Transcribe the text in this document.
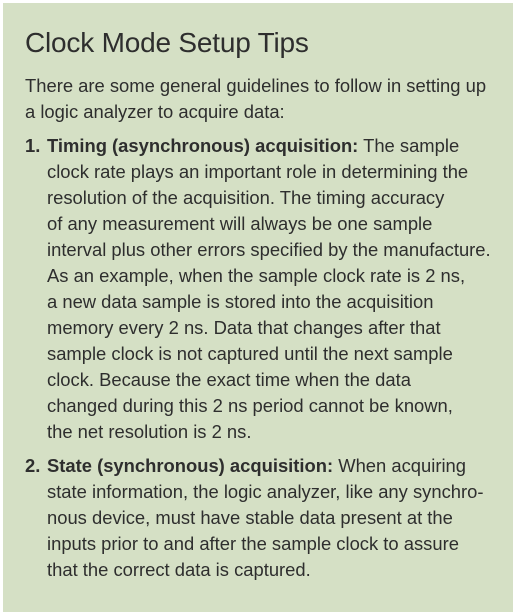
Clock Mode Setup Tips
There are some general guidelines to follow in setting up
a logic analyzer to acquire data:
1. Timing (asynchronous) acquisition: The sample
clock rate plays an important role in determining the
resolution of the acquisition. The timing accuracy
of any measurement will always be one sample
interval plus other errors specified by the manufacture.
As an example, when the sample clock rate is 2 ns,
a new data sample is stored into the acquisition
memory every 2 ns. Data that changes after that
sample clock is not captured until the next sample
clock. Because the exact time when the data
changed during this 2 ns period cannot be known,
the net resolution is 2 ns.
2. State (synchronous) acquisition: When acquiring
state information, the logic analyzer, like any synchro-
nous device, must have stable data present at the
inputs prior to and after the sample clock to assure
that the correct data is captured.
